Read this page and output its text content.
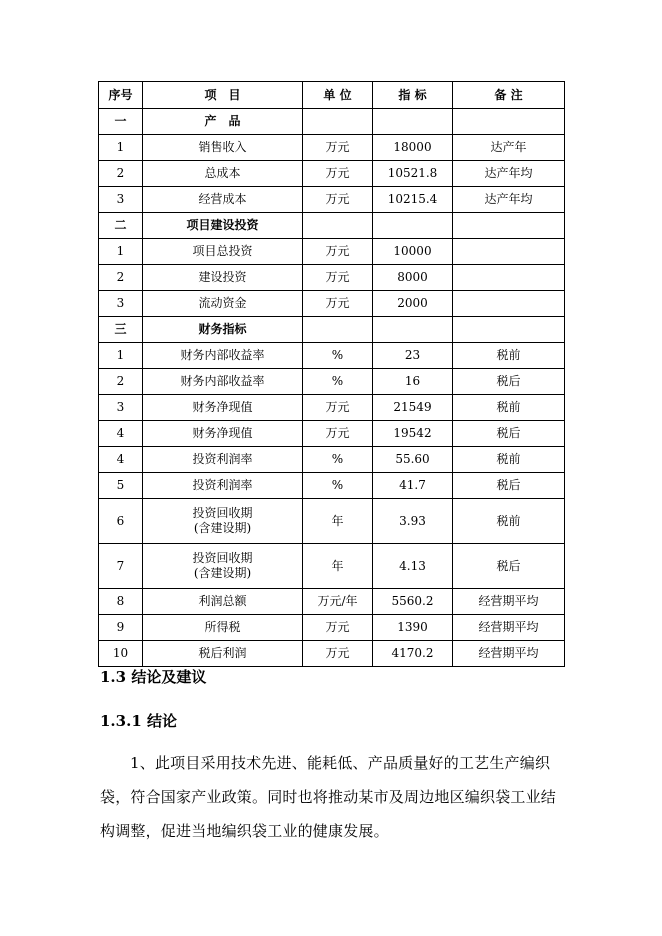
序号	项　目	单 位	指 标	备 注
一	产　品			
1	销售收入	万元	18000	达产年
2	总成本	万元	10521.8	达产年均
3	经营成本	万元	10215.4	达产年均
二	项目建设投资			
1	项目总投资	万元	10000	
2	建设投资	万元	8000	
3	流动资金	万元	2000	
三	财务指标			
1	财务内部收益率	%	23	税前
2	财务内部收益率	%	16	税后
3	财务净现值	万元	21549	税前
4	财务净现值	万元	19542	税后
4	投资利润率	%	55.60	税前
5	投资利润率	%	41.7	税后
6	投资回收期
(含建设期)	年	3.93	税前
7	投资回收期
(含建设期)	年	4.13	税后
8	利润总额	万元/年	5560.2	经营期平均
9	所得税	万元	1390	经营期平均
10	税后利润	万元	4170.2	经营期平均
1.3 结论及建议
1.3.1 结论

1、此项目采用技术先进、能耗低、产品质量好的工艺生产编织袋，符合国家产业政策。同时也将推动某市及周边地区编织袋工业结构调整，促进当地编织袋工业的健康发展。
